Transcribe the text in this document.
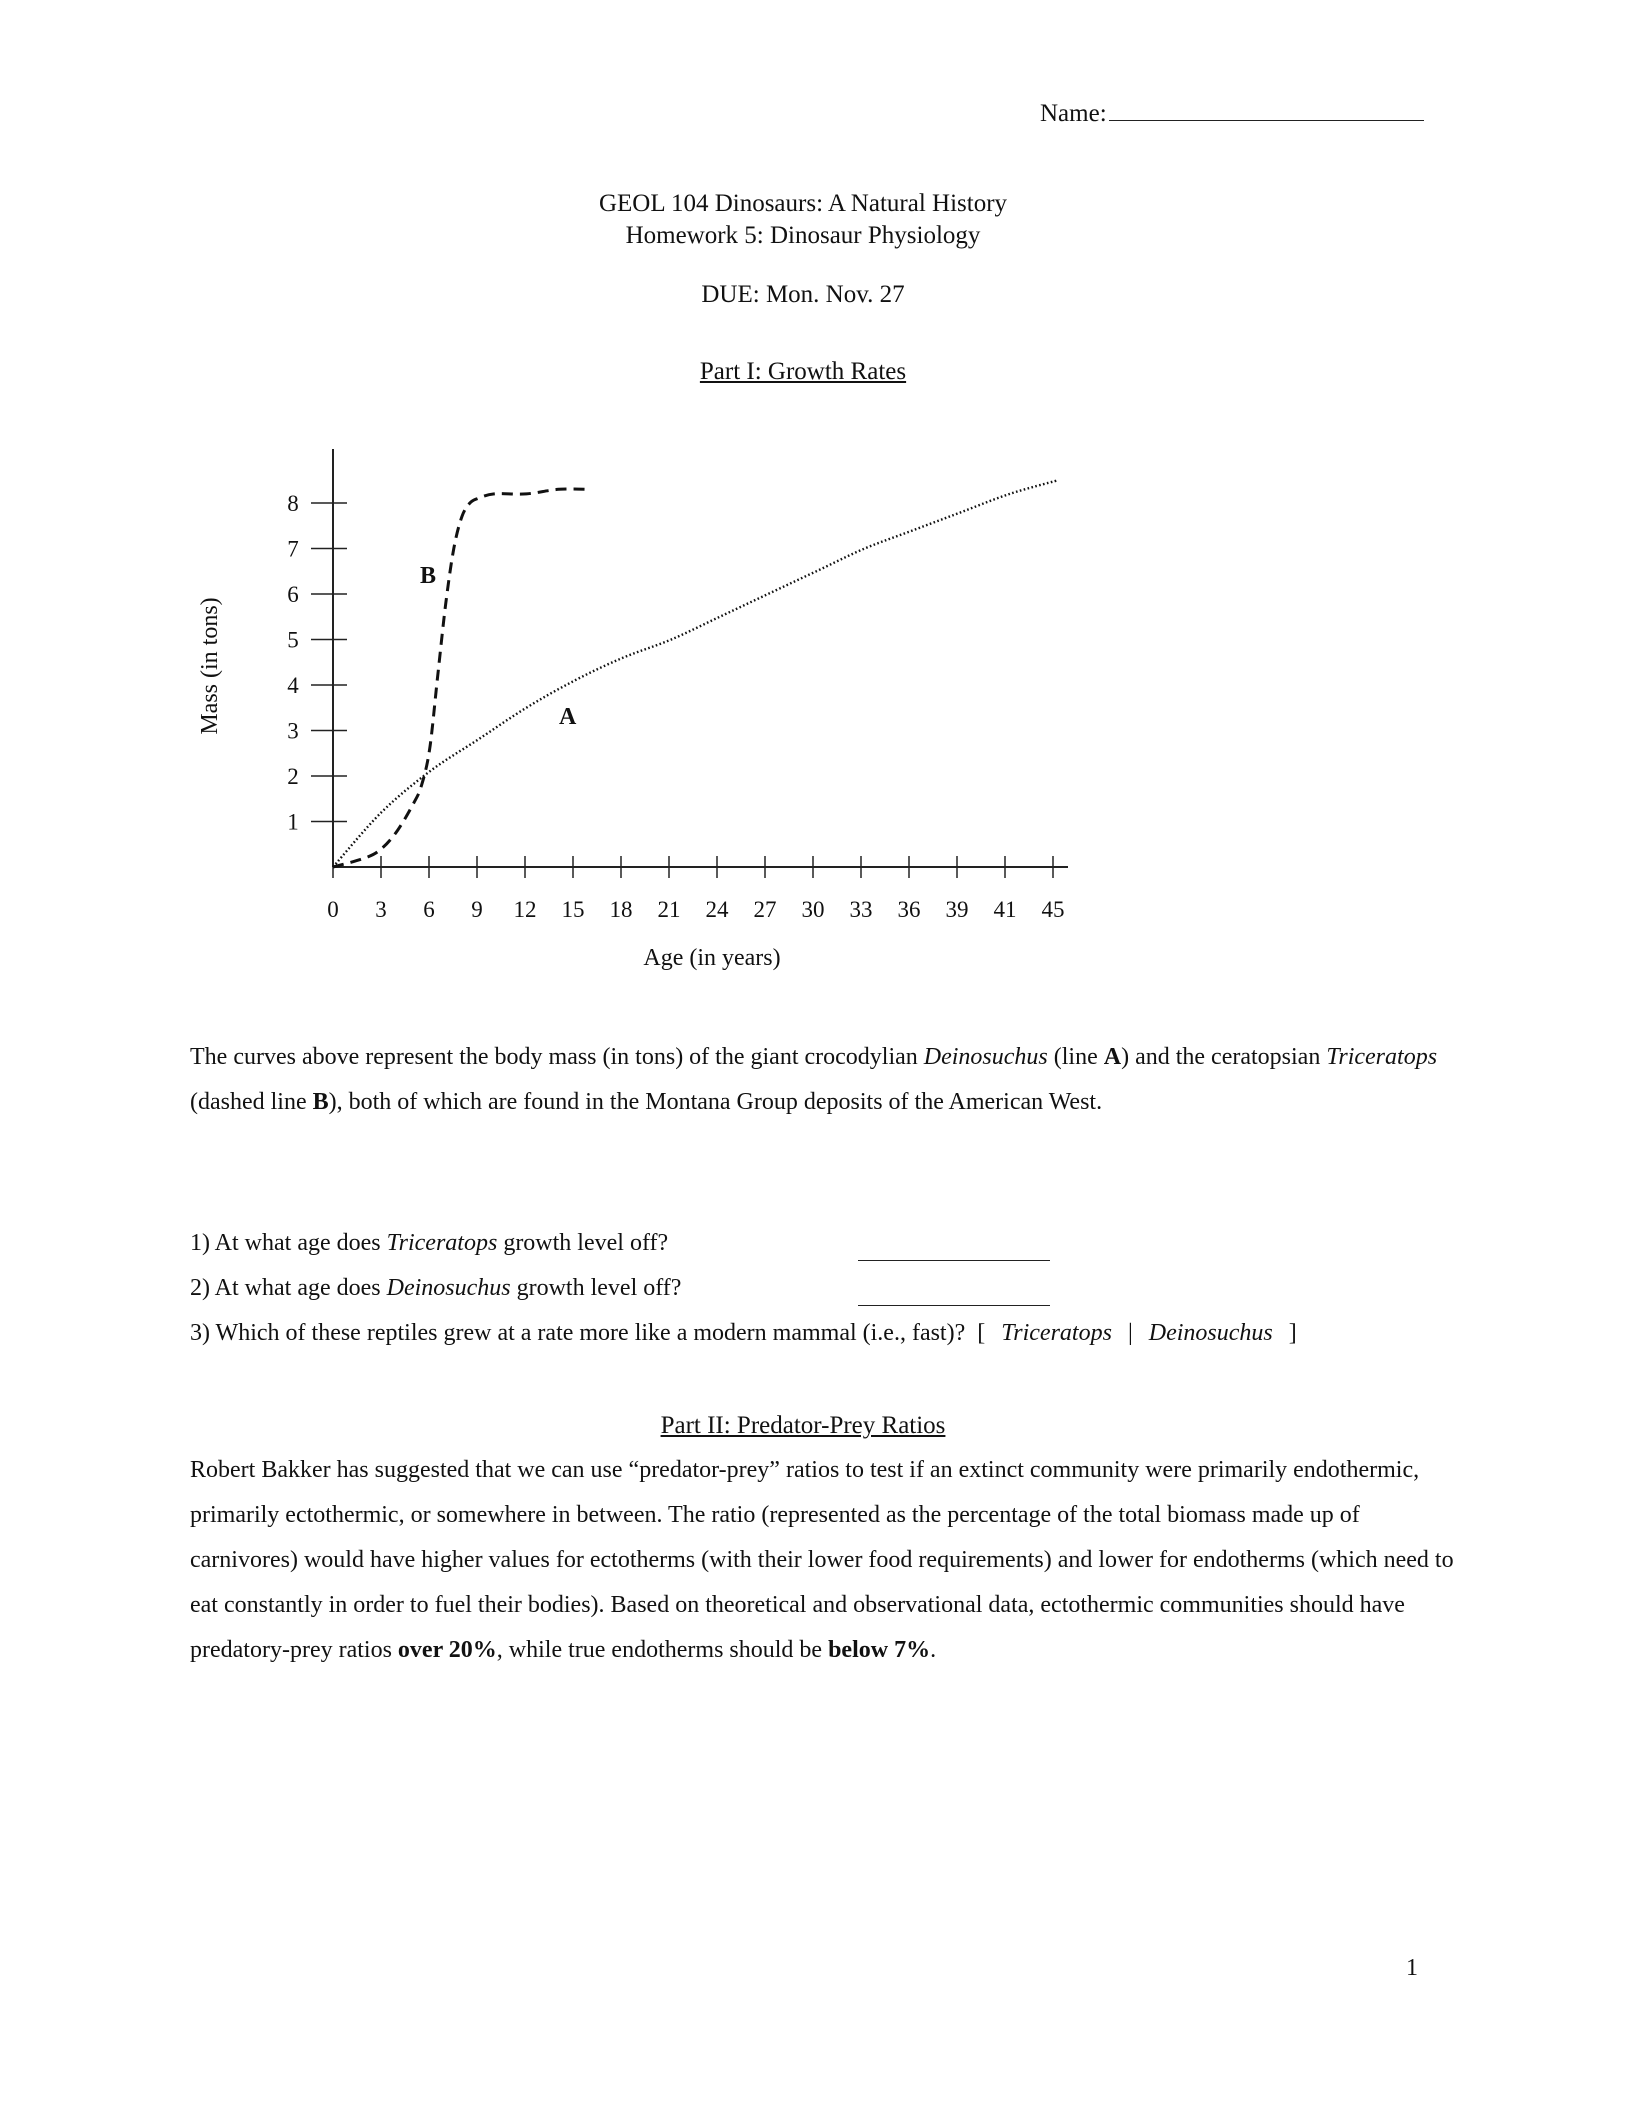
Name:
GEOL 104 Dinosaurs: A Natural History
Homework 5: Dinosaur Physiology
DUE: Mon. Nov. 27
Part I: Growth Rates
Mass (in tons)
Age (in years)
0 3 6 9 12 15 18 21 24 27 30 33 36 39 41 45
1
2
3
4
5
6
7
8
A
B
The curves above represent the body mass (in tons) of the giant crocodylian Deinosuchus (line A) and the ceratopsian Triceratops (dashed line B), both of which are found in the Montana Group deposits of the American West.
1) At what age does Triceratops growth level off?
2) At what age does Deinosuchus growth level off?
3) Which of these reptiles grew at a rate more like a modern mammal (i.e., fast)? [ Triceratops | Deinosuchus ]
Part II: Predator-Prey Ratios
Robert Bakker has suggested that we can use “predator-prey” ratios to test if an extinct community were primarily endothermic, primarily ectothermic, or somewhere in between. The ratio (represented as the percentage of the total biomass made up of carnivores) would have higher values for ectotherms (with their lower food requirements) and lower for endotherms (which need to eat constantly in order to fuel their bodies). Based on theoretical and observational data, ectothermic communities should have predatory-prey ratios over 20%, while true endotherms should be below 7%.
1
